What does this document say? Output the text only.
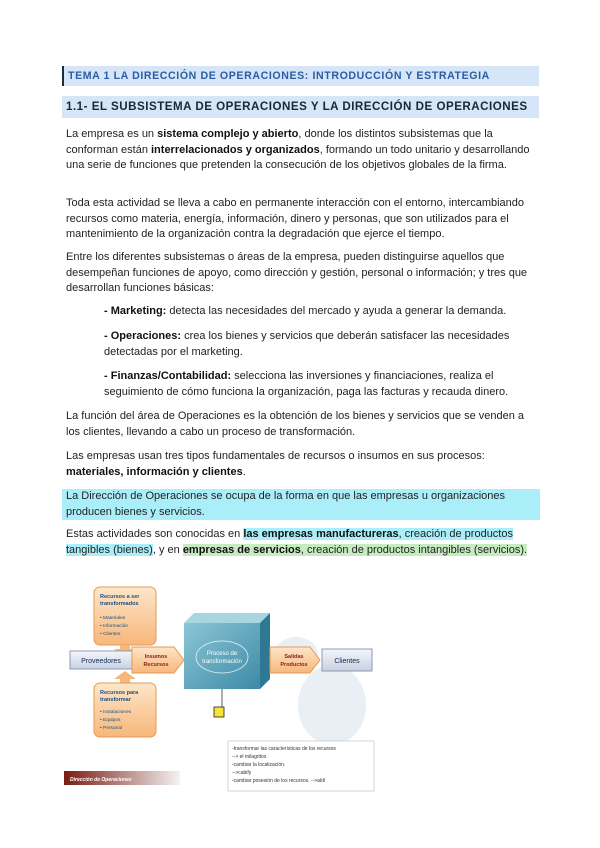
TEMA 1 LA DIRECCIÓN DE OPERACIONES: INTRODUCCIÓN Y ESTRATEGIA
1.1- EL SUBSISTEMA DE OPERACIONES Y LA DIRECCIÓN DE OPERACIONES

La empresa es un sistema complejo y abierto, donde los distintos subsistemas que la conforman están interrelacionados y organizados, formando un todo unitario y desarrollando una serie de funciones que pretenden la consecución de los objetivos globales de la firma.

Toda esta actividad se lleva a cabo en permanente interacción con el entorno, intercambiando recursos como materia, energía, información, dinero y personas, que son utilizados para el mantenimiento de la organización contra la degradación que ejerce el tiempo.

Entre los diferentes subsistemas o áreas de la empresa, pueden distinguirse aquellos que desempeñan funciones de apoyo, como dirección y gestión, personal o información; y tres que desarrollan funciones básicas:

- Marketing: detecta las necesidades del mercado y ayuda a generar la demanda.

- Operaciones: crea los bienes y servicios que deberán satisfacer las necesidades detectadas por el marketing.

- Finanzas/Contabilidad: selecciona las inversiones y financiaciones, realiza el seguimiento de cómo funciona la organización, paga las facturas y recauda dinero.

La función del área de Operaciones es la obtención de los bienes y servicios que se venden a los clientes, llevando a cabo un proceso de transformación.

Las empresas usan tres tipos fundamentales de recursos o insumos en sus procesos: materiales, información y clientes.

La Dirección de Operaciones se ocupa de la forma en que las empresas u organizaciones producen bienes y servicios.

Estas actividades son conocidas en las empresas manufactureras, creación de productos tangibles (bienes), y en empresas de servicios, creación de productos intangibles (servicios).

Recursos a ser
transformados
• Materiales
• Información
• Clientes
Proveedores
Insumos
Recursos
Proceso de
transformación
Salidas
Productos	Clientes
Recursos para
transformar
• Instalaciones
• Equipos
• Personal
Dirección de Operaciones
-transformar las características de los recursos
--> el milagritos
-cambiar la localización.
-->cabify
-cambiar posesión de los recursos. -->aldi
